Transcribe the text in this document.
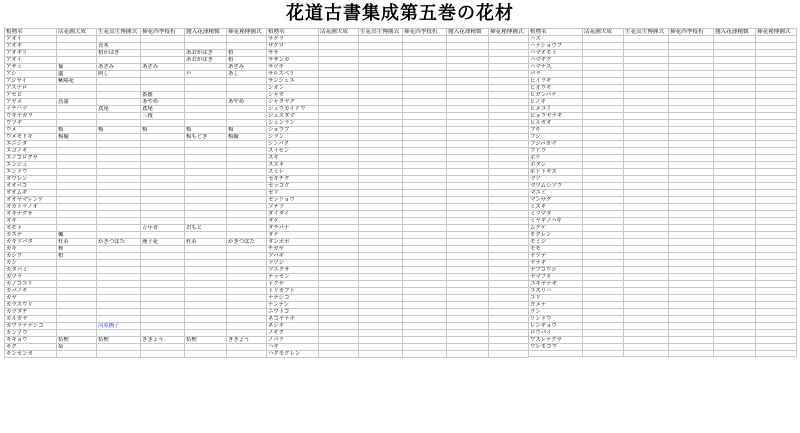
花道古書集成第五巻の花材
植物名	活花圖大成	生花出生傳圖式	挿花四季枝折	抛入花薄精微	挿花秘傳圖式
アオイ					
アオキ		青木			
アオギリ		梧かはぎ		あおがはぎ	梧
アオイ				あおがはぎ	梧
アザミ	葡	あざみ	あざみ		あざみ
アシ	蘆	阿し		芦	あし
アジサイ	紫陽花				
アスナロ					
アセビ			番麗		
アヤメ	菖蒲		あやめ		あやめ
イチハツ		鳶尾	鳶尾		
ウキヤガラ			三稜		
ウツギ					
ウメ	梅	梅	梅	梅	梅
ウメモドキ	梅擬			梅もどき	梅擬
エニシダ					
エゴノキ					
エノコログサ					
エンジュ					
エンドウ					
オウレン					
オオバコ					
オオムギ					
オオヤマレンゲ					
オカトラノオ					
オキナグサ					
オギ					
オモト			万年青	おもと	
カエデ	楓				
カキツバタ	杜若	かきつばた	燕子花	杜若	かきつばた
カキ	柿				
カシワ	柏				
カシ					
カタバミ					
カツラ					
カノコユリ					
カバノキ					
カヤ					
カラスウリ					
カラタチ					
カルカヤ					
カワラナデシコ		河原撫子			
カンゾウ					
キキョウ	桔梗	桔梗	ききょう	桔梗	ききょう
キク	菊				
キンセンカ					
植物名	活花圖大成	生花出生傳圖式	挿花四季枝折	抛入花薄精微	挿花秘傳圖式
サクラ					
ザクロ					
ササ					
サザンカ					
サツキ					
サルスベリ					
サンシュユ					
シオン					
シャガ					
シャクヤク					
シュウカイドウ					
ジュズダマ					
シュンラン					
ショウブ					
シラン					
シンパク					
スイセン					
スギ					
ススキ					
スミレ					
セキチク					
セッコク					
セリ					
センリョウ					
ソテツ					
ダイダイ					
タケ					
タチバナ					
タデ					
タンポポ					
チガヤ					
ツバキ					
ツツジ					
ツユクサ					
テッセン					
トクサ					
トリカブト					
ナデシコ					
ナンテン					
ニワトコ					
ネコヤナギ					
ネジキ					
ノギク					
ノバラ					
ハギ					
ハクモクレン					
植物名	活花圖大成	生花出生傳圖式	挿花四季枝折	抛入花薄精微	挿花秘傳圖式
ハス					
ハナショウブ					
ハマオモト					
ハマギク					
ハマナス					
バラ					
ヒイラギ					
ヒオウギ					
ヒガンバナ					
ヒノキ					
ヒメユリ					
ビョウヤナギ					
ヒルガオ					
フキ					
フジ					
フジバカマ					
ブドウ					
ボケ					
ボタン					
ホトトギス					
マツ					
マツムシソウ					
マユミ					
マンサク					
ミズキ					
ミツマタ					
ミヤギノハギ					
ムクゲ					
モクレン					
モミジ					
モモ					
ヤツデ					
ヤナギ					
ヤブコウジ					
ヤマブキ					
ユキヤナギ					
ユズリハ					
ユリ					
ヨメナ					
ラン					
リンドウ					
レンギョウ					
ロウバイ					
ワスレナグサ					
ワレモコウ					
